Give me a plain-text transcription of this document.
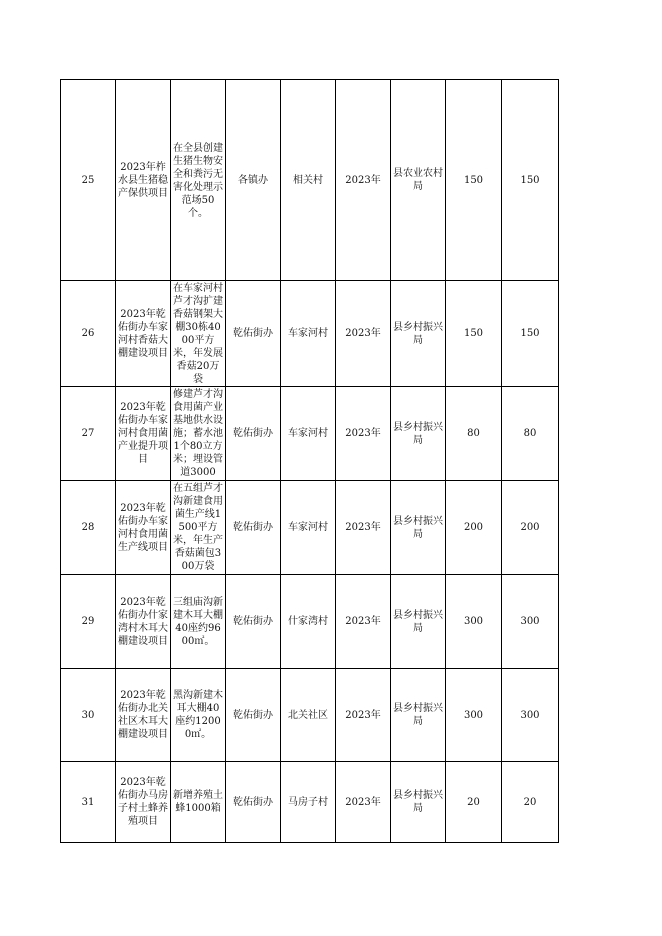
25	2023年柞水县生猪稳产保供项目	在全县创建生猪生物安全和粪污无害化处理示范场50个。	各镇办	相关村	2023年	县农业农村局	150	150
26	2023年乾佑街办车家河村香菇大棚建设项目	在车家河村芦才沟扩建香菇钢架大棚30栋4000平方米，年发展香菇20万袋	乾佑街办	车家河村	2023年	县乡村振兴局	150	150
27	2023年乾佑街办车家河村食用菌产业提升项目	修建芦才沟食用菌产业基地供水设施；蓄水池1个80立方米；埋设管道3000	乾佑街办	车家河村	2023年	县乡村振兴局	80	80
28	2023年乾佑街办车家河村食用菌生产线项目	在五组芦才沟新建食用菌生产线1500平方米，年生产香菇菌包300万袋	乾佑街办	车家河村	2023年	县乡村振兴局	200	200
29	2023年乾佑街办什家湾村木耳大棚建设项目	三组庙沟新建木耳大棚40座约9600㎡。	乾佑街办	什家湾村	2023年	县乡村振兴局	300	300
30	2023年乾佑街办北关社区木耳大棚建设项目	黑沟新建木耳大棚40座约12000㎡。	乾佑街办	北关社区	2023年	县乡村振兴局	300	300
31	2023年乾佑街办马房子村土蜂养殖项目	新增养殖土蜂1000箱	乾佑街办	马房子村	2023年	县乡村振兴局	20	20
